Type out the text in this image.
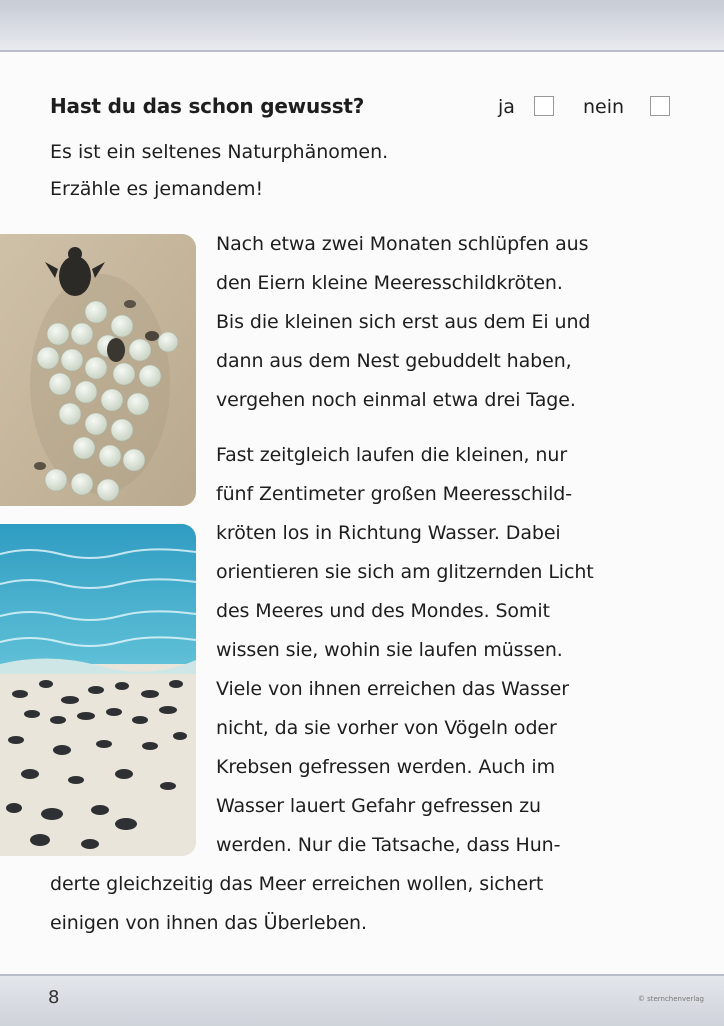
Hast du das schon gewusst?	ja	nein
Es ist ein seltenes Naturphänomen.
Erzähle es jemandem!
Nach etwa zwei Monaten schlüpfen aus
den Eiern kleine Meeresschildkröten.
Bis die kleinen sich erst aus dem Ei und
dann aus dem Nest gebuddelt haben,
vergehen noch einmal etwa drei Tage.
Fast zeitgleich laufen die kleinen, nur
fünf Zentimeter großen Meeresschild-
kröten los in Richtung Wasser. Dabei
orientieren sie sich am glitzernden Licht
des Meeres und des Mondes. Somit
wissen sie, wohin sie laufen müssen.
Viele von ihnen erreichen das Wasser
nicht, da sie vorher von Vögeln oder
Krebsen gefressen werden. Auch im
Wasser lauert Gefahr gefressen zu
werden. Nur die Tatsache, dass Hun-
derte gleichzeitig das Meer erreichen wollen, sichert
einigen von ihnen das Überleben.
8	© sternchenverlag
